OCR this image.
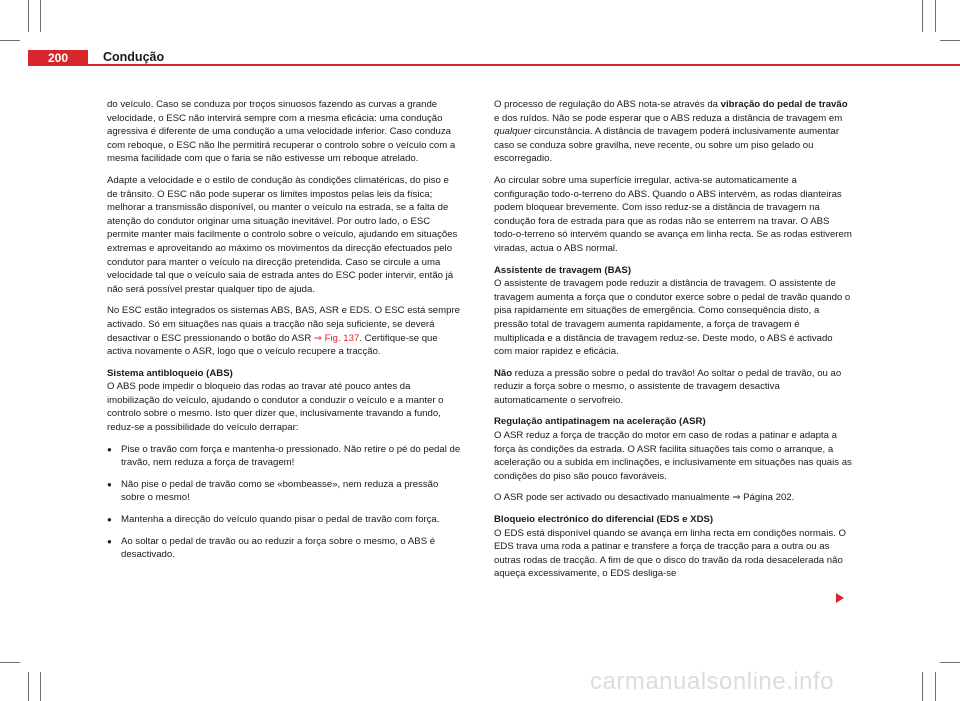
200	Condução

do veículo. Caso se conduza por troços sinuosos fazendo as curvas a grande velocidade, o ESC não intervirá sempre com a mesma eficácia: uma condução agressiva é diferente de uma condução a uma velocidade inferior. Caso conduza com reboque, o ESC não lhe permitirá recuperar o controlo sobre o veículo com a mesma facilidade com que o faria se não estivesse um reboque atrelado.

Adapte a velocidade e o estilo de condução às condições climatéricas, do piso e de trânsito. O ESC não pode superar os limites impostos pelas leis da física; melhorar a transmissão disponível, ou manter o veículo na estrada, se a falta de atenção do condutor originar uma situação inevitável. Por outro lado, o ESC permite manter mais facilmente o controlo sobre o veículo, ajudando em situações extremas e aproveitando ao máximo os movimentos da direcção efectuados pelo condutor para manter o veículo na direcção pretendida. Caso se circule a uma velocidade tal que o veículo saia de estrada antes do ESC poder intervir, então já não será possível prestar qualquer tipo de ajuda.

No ESC estão integrados os sistemas ABS, BAS, ASR e EDS. O ESC está sempre activado. Só em situações nas quais a tracção não seja suficiente, se deverá desactivar o ESC pressionando o botão do ASR ⇒ Fig. 137. Certifique-se que activa novamente o ASR, logo que o veículo recupere a tracção.

Sistema antibloqueio (ABS)

O ABS pode impedir o bloqueio das rodas ao travar até pouco antes da imobilização do veículo, ajudando o condutor a conduzir o veículo e a manter o controlo sobre o mesmo. Isto quer dizer que, inclusivamente travando a fundo, reduz-se a possibilidade do veículo derrapar:

● Pise o travão com força e mantenha-o pressionado. Não retire o pé do pedal de travão, nem reduza a força de travagem!
● Não pise o pedal de travão como se «bombeasse», nem reduza a pressão sobre o mesmo!
● Mantenha a direcção do veículo quando pisar o pedal de travão com força.
● Ao soltar o pedal de travão ou ao reduzir a força sobre o mesmo, o ABS é desactivado.

O processo de regulação do ABS nota-se através da vibração do pedal de travão e dos ruídos. Não se pode esperar que o ABS reduza a distância de travagem em qualquer circunstância. A distância de travagem poderá inclusivamente aumentar caso se conduza sobre gravilha, neve recente, ou sobre um piso gelado ou escorregadio.

Ao circular sobre uma superfície irregular, activa-se automaticamente a configuração todo-o-terreno do ABS. Quando o ABS intervém, as rodas dianteiras podem bloquear brevemente. Com isso reduz-se a distância de travagem na condução fora de estrada para que as rodas não se enterrem na travar. O ABS todo-o-terreno só intervém quando se avança em linha recta. Se as rodas estiverem viradas, actua o ABS normal.

Assistente de travagem (BAS)

O assistente de travagem pode reduzir a distância de travagem. O assistente de travagem aumenta a força que o condutor exerce sobre o pedal de travão quando o pisa rapidamente em situações de emergência. Como consequência disto, a pressão total de travagem aumenta rapidamente, a força de travagem é multiplicada e a distância de travagem reduz-se. Deste modo, o ABS é activado com maior rapidez e eficácia.

Não reduza a pressão sobre o pedal do travão! Ao soltar o pedal de travão, ou ao reduzir a força sobre o mesmo, o assistente de travagem desactiva automaticamente o servofreio.

Regulação antipatinagem na aceleração (ASR)

O ASR reduz a força de tracção do motor em caso de rodas a patinar e adapta a força às condições da estrada. O ASR facilita situações tais como o arranque, a aceleração ou a subida em inclinações, e inclusivamente em situações nas quais as condições do piso são pouco favoráveis.

O ASR pode ser activado ou desactivado manualmente ⇒ Página 202.

Bloqueio electrónico do diferencial (EDS e XDS)

O EDS está disponível quando se avança em linha recta em condições normais. O EDS trava uma roda a patinar e transfere a força de tracção para a outra ou as outras rodas de tracção. A fim de que o disco do travão da roda desacelerada não aqueça excessivamente, o EDS desliga-se

carmanualsonline.info
